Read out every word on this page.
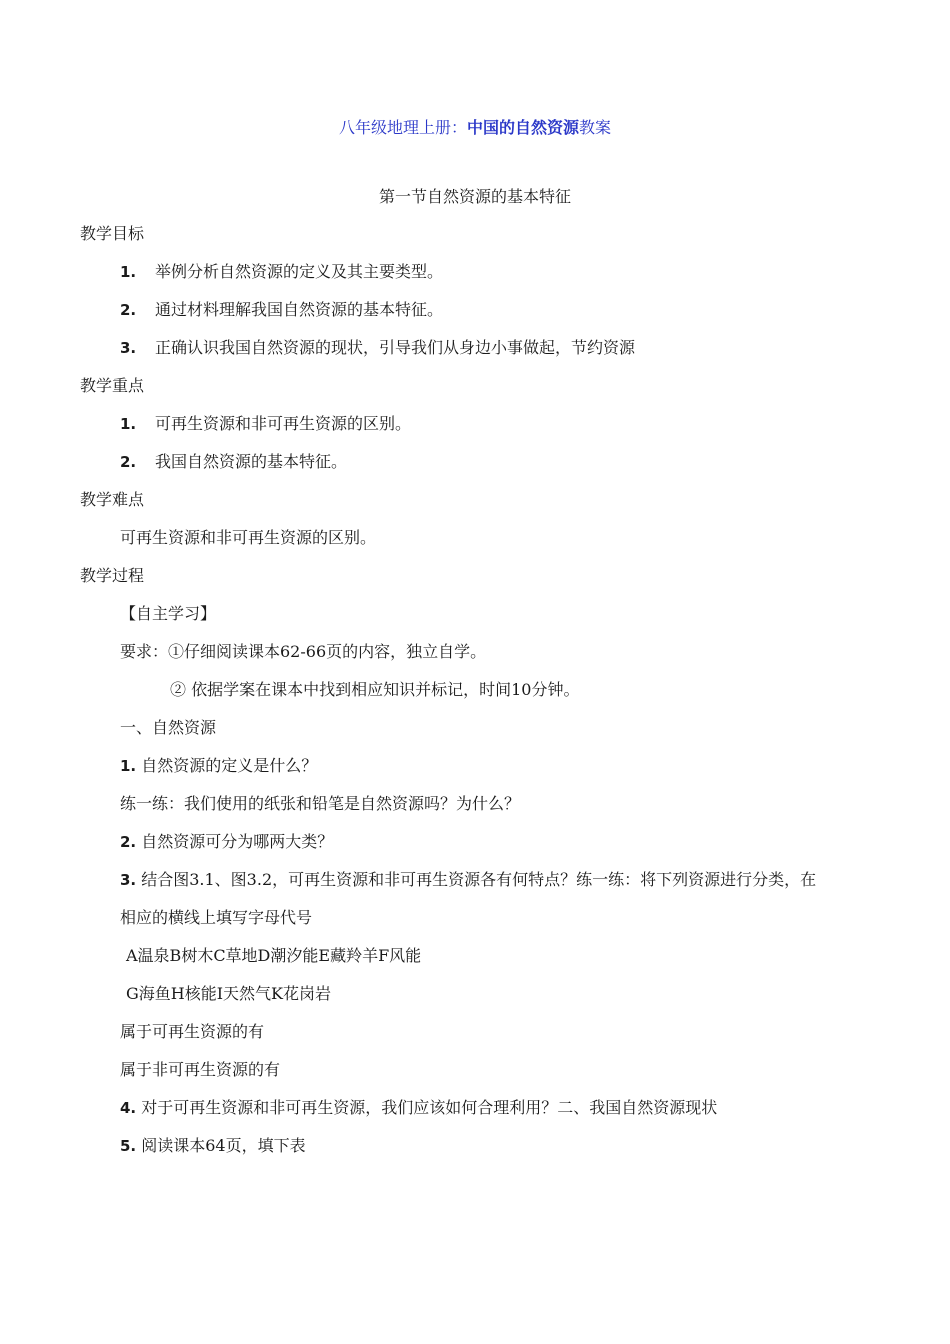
八年级地理上册：中国的自然资源教案
第一节自然资源的基本特征
教学目标
1. 举例分析自然资源的定义及其主要类型。
2. 通过材料理解我国自然资源的基本特征。
3. 正确认识我国自然资源的现状，引导我们从身边小事做起，节约资源
教学重点
1. 可再生资源和非可再生资源的区别。
2. 我国自然资源的基本特征。
教学难点
可再生资源和非可再生资源的区别。
教学过程
【自主学习】
要求：①仔细阅读课本62-66页的内容，独立自学。
② 依据学案在课本中找到相应知识并标记，时间10分钟。
一、自然资源
1. 自然资源的定义是什么？
练一练：我们使用的纸张和铅笔是自然资源吗？为什么？
2. 自然资源可分为哪两大类？
3. 结合图3.1、图3.2，可再生资源和非可再生资源各有何特点？练一练：将下列资源进行分类，在
相应的横线上填写字母代号
A温泉B树木C草地D潮汐能E藏羚羊F风能
G海鱼H核能I天然气K花岗岩
属于可再生资源的有
属于非可再生资源的有
4. 对于可再生资源和非可再生资源，我们应该如何合理利用？二、我国自然资源现状
5. 阅读课本64页，填下表
